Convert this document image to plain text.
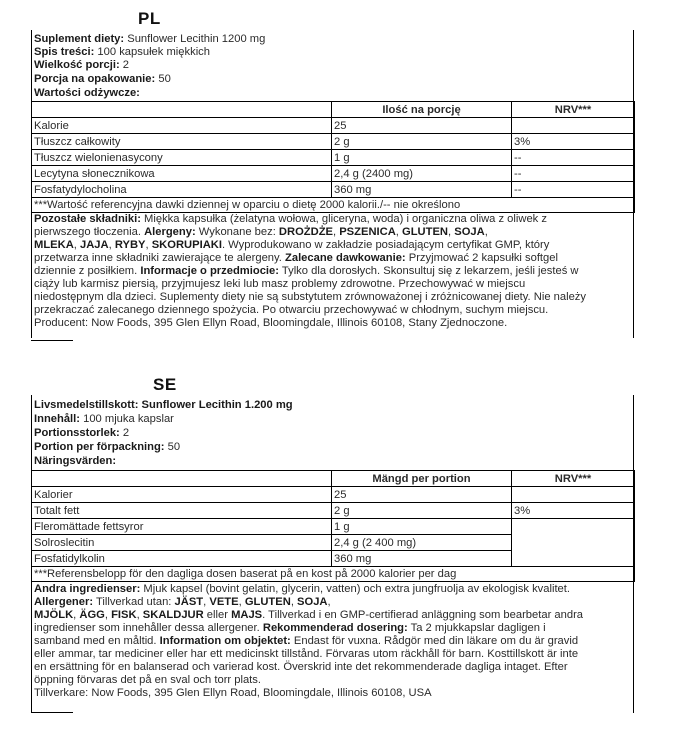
PL
Suplement diety: Sunflower Lecithin 1200 mg
Spis treści: 100 kapsułek miękkich
Wielkość porcji: 2
Porcja na opakowanie: 50
Wartości odżywcze:
	Ilość na porcję	NRV***
Kalorie	25	
Tłuszcz całkowity	2 g	3%
Tłuszcz wielonienasycony	1 g	--
Lecytyna słonecznikowa	2,4 g (2400 mg)	--
Fosfatydylocholina	360 mg	--
***Wartość referencyjna dawki dziennej w oparciu o dietę 2000 kalorii./-- nie określono		

Pozostałe składniki: Miękka kapsułka (żelatyna wołowa, gliceryna, woda) i organiczna oliwa z oliwek z

pierwszego tłoczenia. Alergeny: Wykonane bez: DROŻDŻE, PSZENICA, GLUTEN, SOJA,

MLEKA, JAJA, RYBY, SKORUPIAKI. Wyprodukowano w zakładzie posiadającym certyfikat GMP, który

przetwarza inne składniki zawierające te alergeny. Zalecane dawkowanie: Przyjmować 2 kapsułki softgel

dziennie z posiłkiem. Informacje o przedmiocie: Tylko dla dorosłych. Skonsultuj się z lekarzem, jeśli jesteś w

ciąży lub karmisz piersią, przyjmujesz leki lub masz problemy zdrowotne. Przechowywać w miejscu

niedostępnym dla dzieci. Suplementy diety nie są substytutem zrównoważonej i zróżnicowanej diety. Nie należy

przekraczać zalecanego dziennego spożycia. Po otwarciu przechowywać w chłodnym, suchym miejscu.

Producent: Now Foods, 395 Glen Ellyn Road, Bloomingdale, Illinois 60108, Stany Zjednoczone.

SE
Livsmedelstillskott: Sunflower Lecithin 1.200 mg
Innehåll: 100 mjuka kapslar
Portionsstorlek: 2
Portion per förpackning: 50
Näringsvärden:
	Mängd per portion	NRV***
Kalorier	25	
Totalt fett	2 g	3%
Fleromättade fettsyror	1 g	
Solroslecitin	2,4 g (2 400 mg)	
Fosfatidylkolin	360 mg	
***Referensbelopp för den dagliga dosen baserat på en kost på 2000 kalorier per dag		

Andra ingredienser: Mjuk kapsel (bovint gelatin, glycerin, vatten) och extra jungfruolja av ekologisk kvalitet.

Allergener: Tillverkad utan: JÄST, VETE, GLUTEN, SOJA,

MJÖLK, ÄGG, FISK, SKALDJUR eller MAJS. Tillverkad i en GMP-certifierad anläggning som bearbetar andra

ingredienser som innehåller dessa allergener. Rekommenderad dosering: Ta 2 mjukkapslar dagligen i

samband med en måltid. Information om objektet: Endast för vuxna. Rådgör med din läkare om du är gravid

eller ammar, tar mediciner eller har ett medicinskt tillstånd. Förvaras utom räckhåll för barn. Kosttillskott är inte

en ersättning för en balanserad och varierad kost. Överskrid inte det rekommenderade dagliga intaget. Efter

öppning förvaras det på en sval och torr plats.

Tillverkare: Now Foods, 395 Glen Ellyn Road, Bloomingdale, Illinois 60108, USA
